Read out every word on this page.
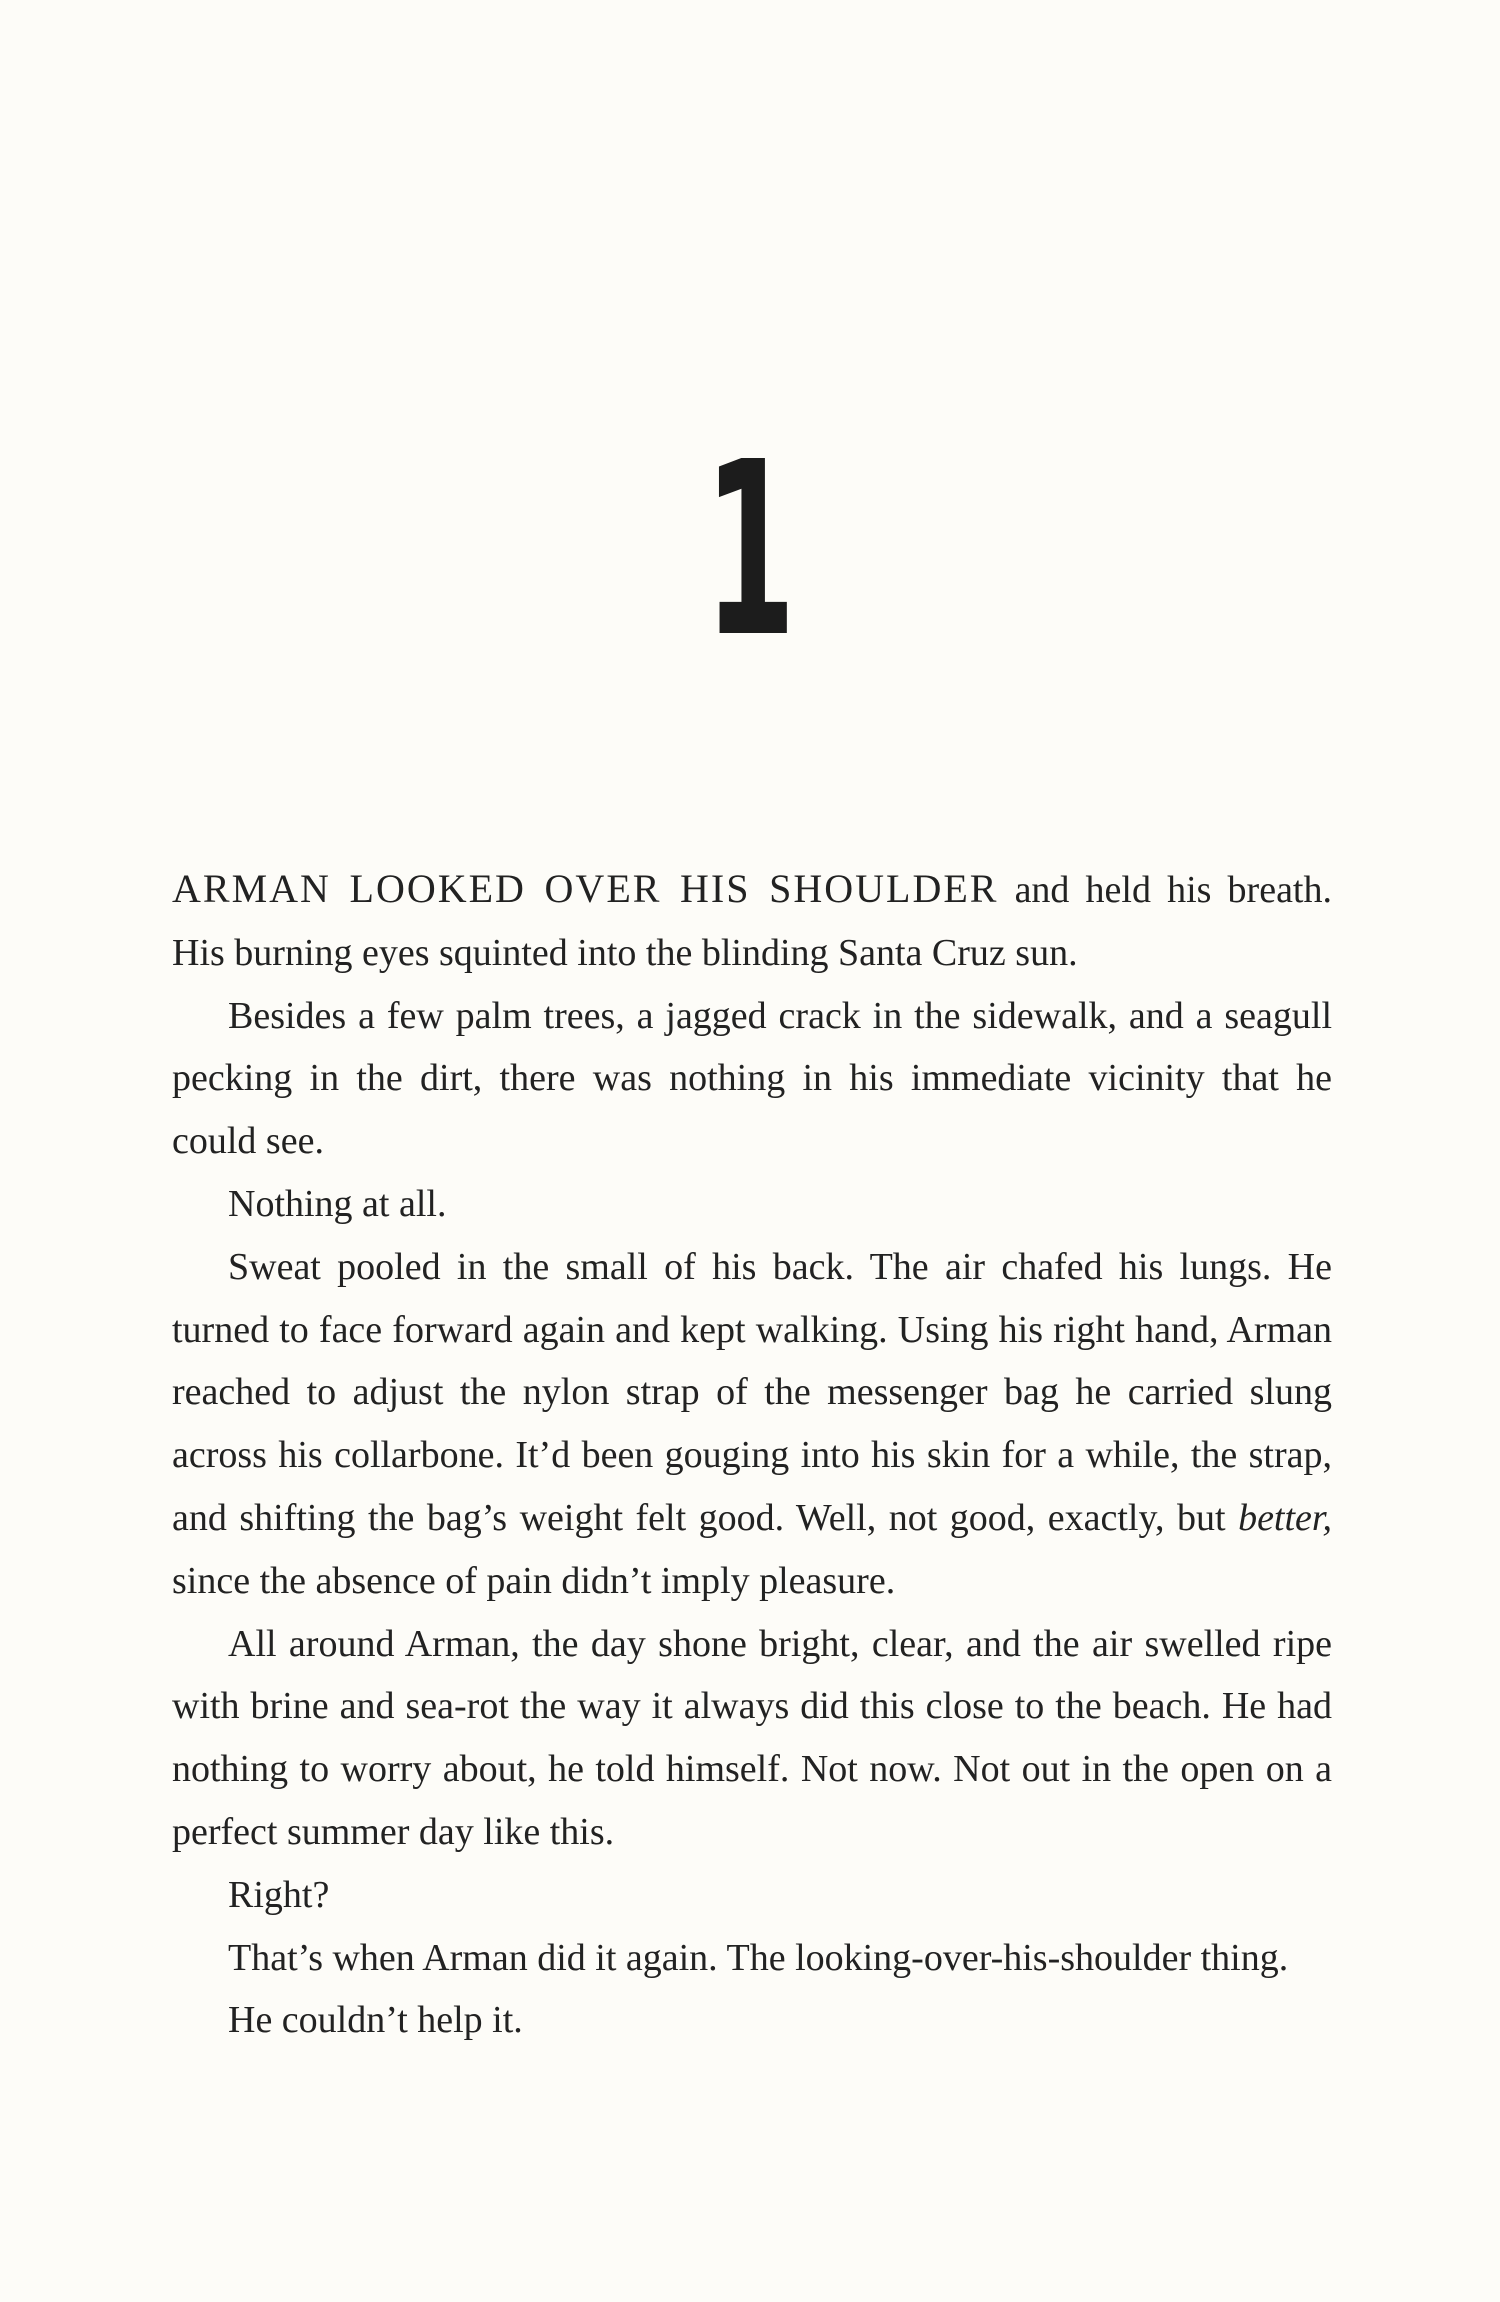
1

ARMAN LOOKED OVER HIS SHOULDER and held his breath. His burning eyes squinted into the blinding Santa Cruz sun.

Besides a few palm trees, a jagged crack in the sidewalk, and a seagull pecking in the dirt, there was nothing in his immediate vicinity that he could see.

Nothing at all.

Sweat pooled in the small of his back. The air chafed his lungs. He turned to face forward again and kept walking. Using his right hand, Arman reached to adjust the nylon strap of the messenger bag he carried slung across his collarbone. It’d been gouging into his skin for a while, the strap, and shifting the bag’s weight felt good. Well, not good, exactly, but better, since the absence of pain didn’t imply pleasure.

All around Arman, the day shone bright, clear, and the air swelled ripe with brine and sea-rot the way it always did this close to the beach. He had nothing to worry about, he told himself. Not now. Not out in the open on a perfect summer day like this.

Right?

That’s when Arman did it again. The looking-over-his-shoulder thing.

He couldn’t help it.
